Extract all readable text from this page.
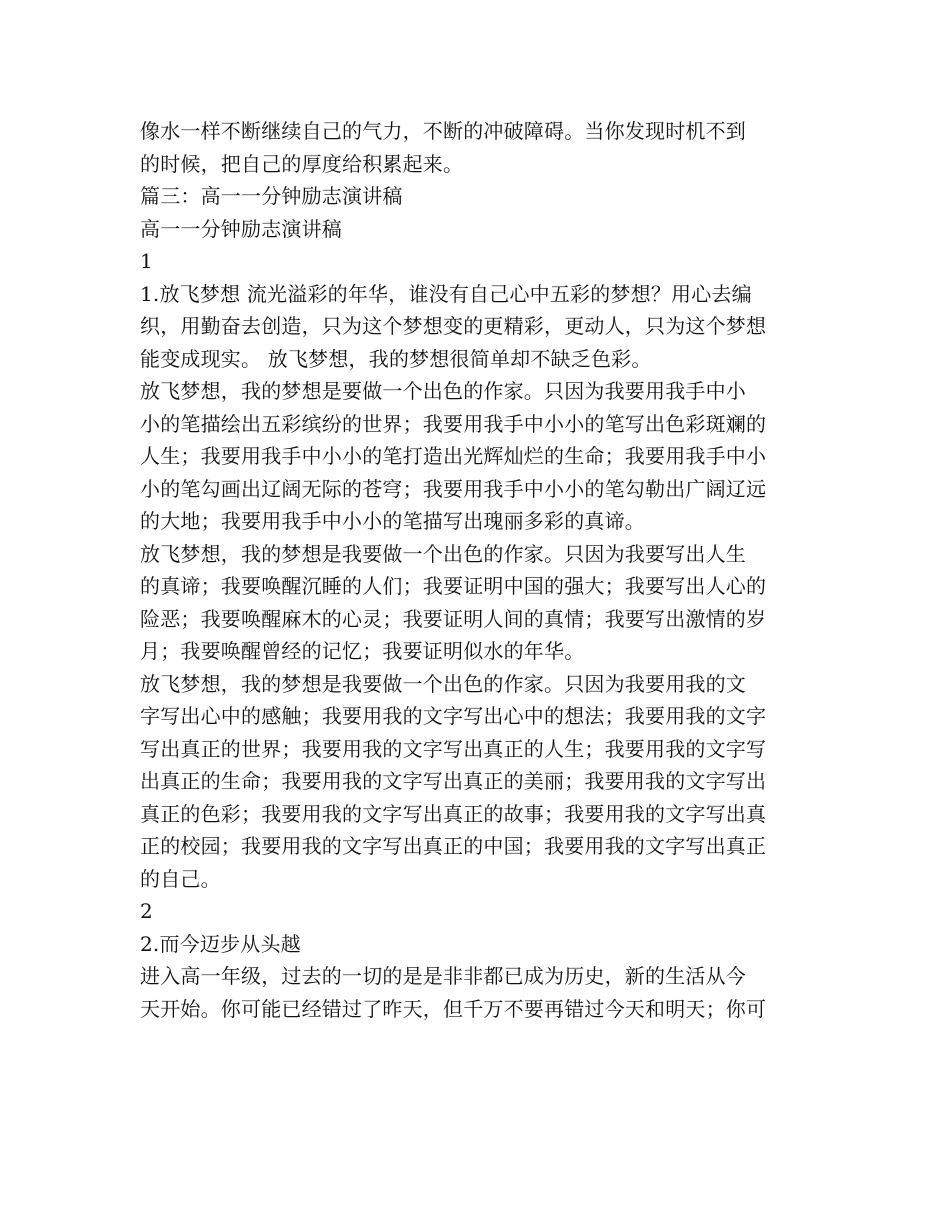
像水一样不断继续自己的气力，不断的冲破障碍。当你发现时机不到
的时候，把自己的厚度给积累起来。
篇三：高一一分钟励志演讲稿
高一一分钟励志演讲稿
1
1.放飞梦想 流光溢彩的年华，谁没有自己心中五彩的梦想？用心去编
织，用勤奋去创造，只为这个梦想变的更精彩，更动人，只为这个梦想
能变成现实。 放飞梦想，我的梦想很简单却不缺乏色彩。
放飞梦想，我的梦想是要做一个出色的作家。只因为我要用我手中小
小的笔描绘出五彩缤纷的世界；我要用我手中小小的笔写出色彩斑斓的
人生；我要用我手中小小的笔打造出光辉灿烂的生命；我要用我手中小
小的笔勾画出辽阔无际的苍穹；我要用我手中小小的笔勾勒出广阔辽远
的大地；我要用我手中小小的笔描写出瑰丽多彩的真谛。
放飞梦想，我的梦想是我要做一个出色的作家。只因为我要写出人生
的真谛；我要唤醒沉睡的人们；我要证明中国的强大；我要写出人心的
险恶；我要唤醒麻木的心灵；我要证明人间的真情；我要写出激情的岁
月；我要唤醒曾经的记忆；我要证明似水的年华。
放飞梦想，我的梦想是我要做一个出色的作家。只因为我要用我的文
字写出心中的感触；我要用我的文字写出心中的想法；我要用我的文字
写出真正的世界；我要用我的文字写出真正的人生；我要用我的文字写
出真正的生命；我要用我的文字写出真正的美丽；我要用我的文字写出
真正的色彩；我要用我的文字写出真正的故事；我要用我的文字写出真
正的校园；我要用我的文字写出真正的中国；我要用我的文字写出真正
的自己。
2
2.而今迈步从头越
进入高一年级，过去的一切的是是非非都已成为历史，新的生活从今
天开始。你可能已经错过了昨天，但千万不要再错过今天和明天；你可
